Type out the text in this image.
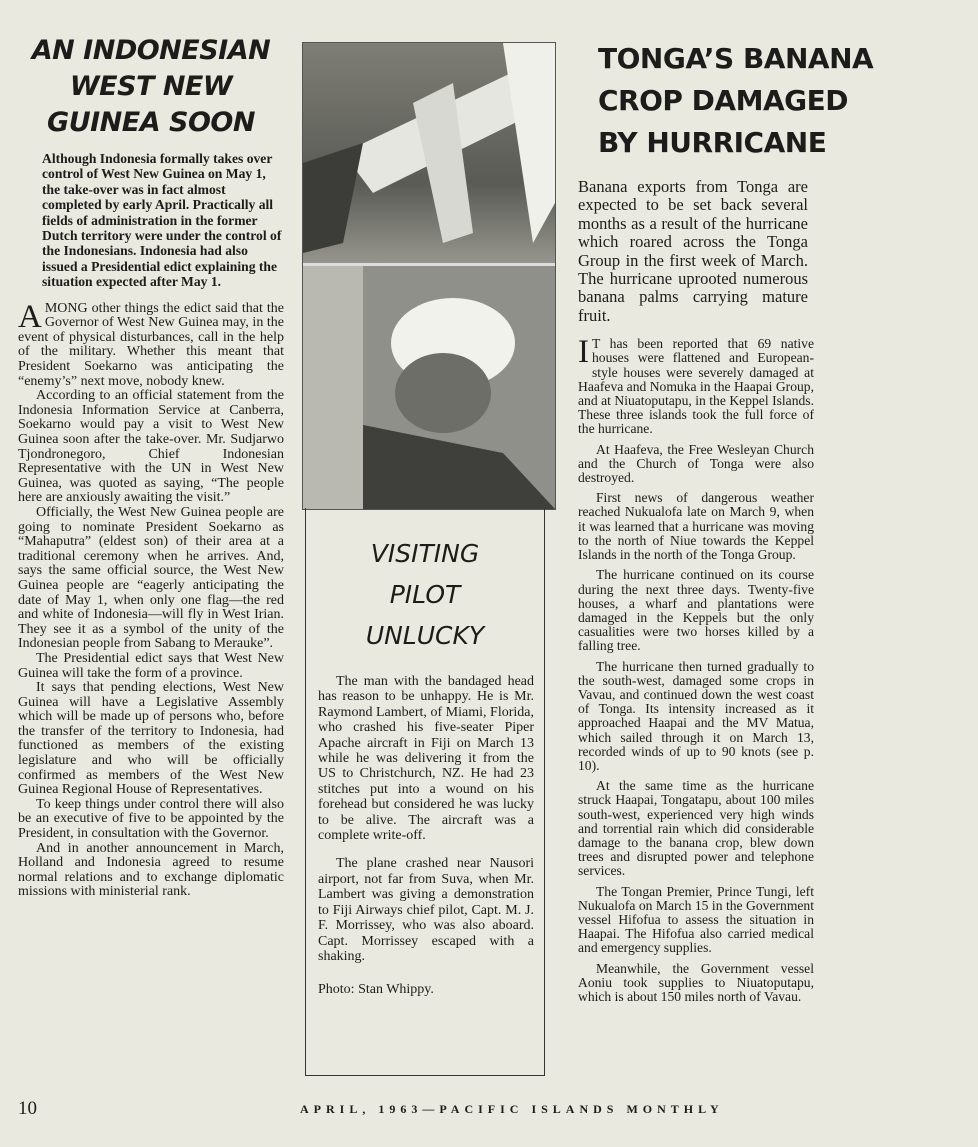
AN INDONESIAN
WEST NEW
GUINEA SOON

Although Indonesia formally takes over control of West New Guinea on May 1, the take-over was in fact almost completed by early April. Practically all fields of administration in the former Dutch territory were under the control of the Indonesians. Indonesia had also issued a Presidential edict explaining the situation expected after May 1.

AMONG other things the edict said that the Governor of West New Guinea may, in the event of physical disturbances, call in the help of the military. Whether this meant that President Soekarno was anticipating the “enemy’s” next move, nobody knew.

According to an official statement from the Indonesia Information Service at Canberra, Soekarno would pay a visit to West New Guinea soon after the take-over. Mr. Sudjarwo Tjondronegoro, Chief Indonesian Representative with the UN in West New Guinea, was quoted as saying, “The people here are anxiously awaiting the visit.”

Officially, the West New Guinea people are going to nominate President Soekarno as “Mahaputra” (eldest son) of their area at a traditional ceremony when he arrives. And, says the same official source, the West New Guinea people are “eagerly anticipating the date of May 1, when only one flag—the red and white of Indonesia—will fly in West Irian. They see it as a symbol of the unity of the Indonesian people from Sabang to Merauke”.

The Presidential edict says that West New Guinea will take the form of a province.

It says that pending elections, West New Guinea will have a Legislative Assembly which will be made up of persons who, before the transfer of the territory to Indonesia, had functioned as members of the existing legislature and who will be officially confirmed as members of the West New Guinea Regional House of Representatives.

To keep things under control there will also be an executive of five to be appointed by the President, in consultation with the Governor.

And in another announcement in March, Holland and Indonesia agreed to resume normal relations and to exchange diplomatic missions with ministerial rank.

VISITING
PILOT
UNLUCKY

The man with the bandaged head has reason to be unhappy. He is Mr. Raymond Lambert, of Miami, Florida, who crashed his five-seater Piper Apache aircraft in Fiji on March 13 while he was delivering it from the US to Christchurch, NZ. He had 23 stitches put into a wound on his forehead but considered he was lucky to be alive. The aircraft was a complete write-off.

The plane crashed near Nausori airport, not far from Suva, when Mr. Lambert was giving a demonstration to Fiji Airways chief pilot, Capt. M. J. F. Morrissey, who was also aboard. Capt. Morrissey escaped with a shaking.

Photo: Stan Whippy.
TONGA’S BANANA
CROP DAMAGED
BY HURRICANE

Banana exports from Tonga are expected to be set back several months as a result of the hurricane which roared across the Tonga Group in the first week of March. The hurricane uprooted numerous banana palms carrying mature fruit.

I T has been reported that 69 native houses were flattened and European-style houses were severely damaged at Haafeva and Nomuka in the Haapai Group, and at Niuatoputapu, in the Keppel Islands. These three islands took the full force of the hurricane.

At Haafeva, the Free Wesleyan Church and the Church of Tonga were also destroyed.

First news of dangerous weather reached Nukualofa late on March 9, when it was learned that a hurricane was moving to the north of Niue towards the Keppel Islands in the north of the Tonga Group.

The hurricane continued on its course during the next three days. Twenty-five houses, a wharf and plantations were damaged in the Keppels but the only casualities were two horses killed by a falling tree.

The hurricane then turned gradually to the south-west, damaged some crops in Vavau, and continued down the west coast of Tonga. Its intensity increased as it approached Haapai and the MV Matua, which sailed through it on March 13, recorded winds of up to 90 knots (see p. 10).

At the same time as the hurricane struck Haapai, Tongatapu, about 100 miles south-west, experienced very high winds and torrential rain which did considerable damage to the banana crop, blew down trees and disrupted power and telephone services.

The Tongan Premier, Prince Tungi, left Nukualofa on March 15 in the Government vessel Hifofua to assess the situation in Haapai. The Hifofua also carried medical and emergency supplies.

Meanwhile, the Government vessel Aoniu took supplies to Niuatoputapu, which is about 150 miles north of Vavau.

10	APRIL, 1963—PACIFIC ISLANDS MONTHLY
